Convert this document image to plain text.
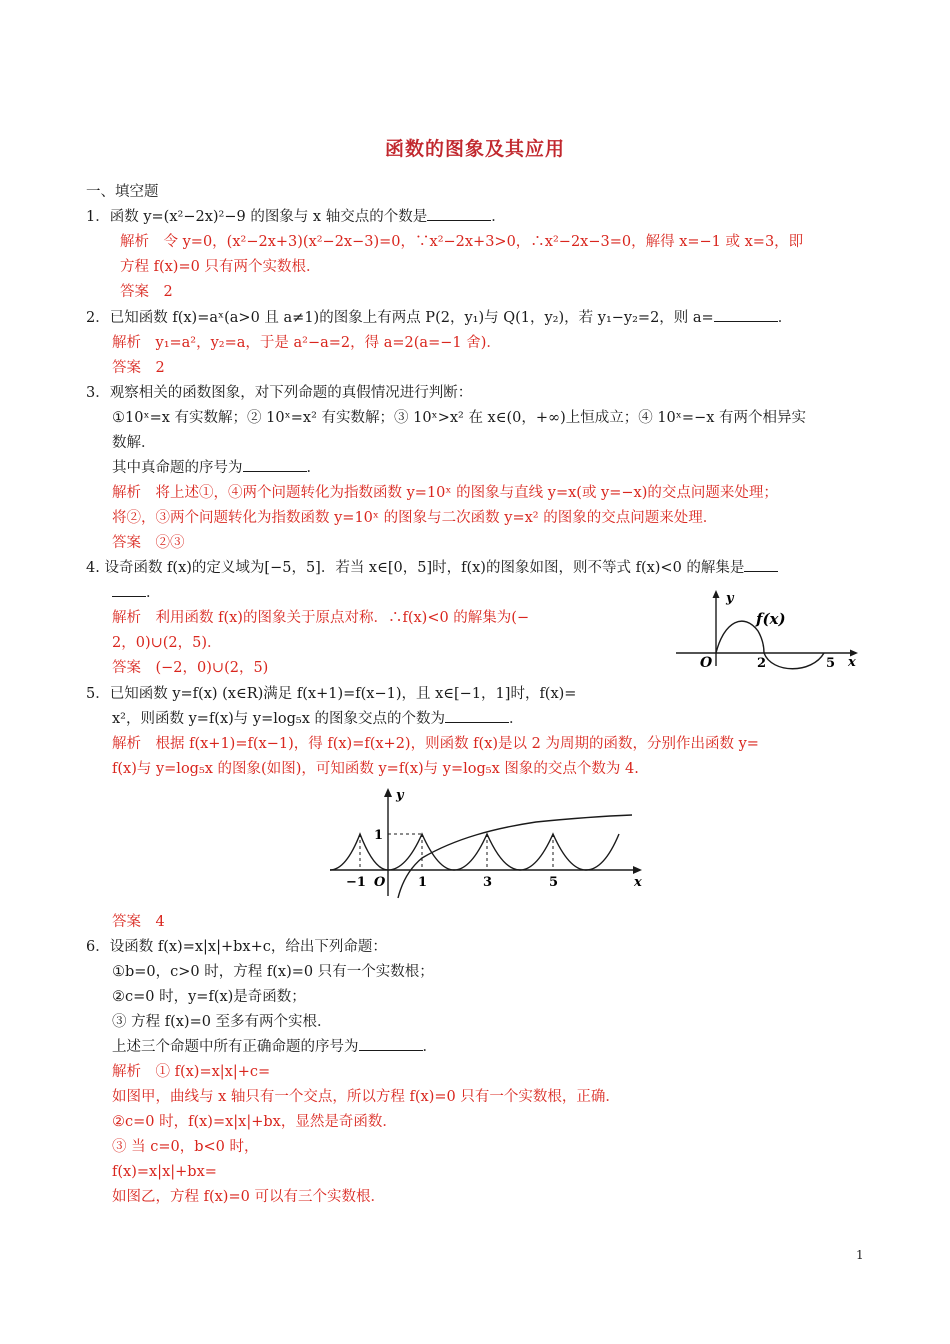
函数的图象及其应用
一、填空题
1．函数 y=(x²−2x)²−9 的图象与 x 轴交点的个数是	．
解析　令 y=0，(x²−2x+3)(x²−2x−3)=0，∵x²−2x+3>0，∴x²−2x−3=0，解得 x=−1 或 x=3，即
方程 f(x)=0 只有两个实数根．
答案　2
2．已知函数 f(x)=aˣ(a>0 且 a≠1)的图象上有两点 P(2，y₁)与 Q(1，y₂)，若 y₁−y₂=2，则 a=	．
解析　y₁=a²，y₂=a，于是 a²−a=2，得 a=2(a=−1 舍)．
答案　2
3．观察相关的函数图象，对下列命题的真假情况进行判断：
①10ˣ=x 有实数解；② 10ˣ=x² 有实数解；③ 10ˣ>x² 在 x∈(0，+∞)上恒成立；④ 10ˣ=−x 有两个相异实
数解．
其中真命题的序号为	．
解析　将上述①，④两个问题转化为指数函数 y=10ˣ 的图象与直线 y=x(或 y=−x)的交点问题来处理；
将②，③两个问题转化为指数函数 y=10ˣ 的图象与二次函数 y=x² 的图象的交点问题来处理．
答案　②③
4. 设奇函数 f(x)的定义域为[−5，5]．若当 x∈[0，5]时，f(x)的图象如图，则不等式 f(x)<0 的解集是
．
解析　利用函数 f(x)的图象关于原点对称．∴f(x)<0 的解集为(−
2，0)∪(2，5)．
答案　(−2，0)∪(2，5)
y
x
O
f(x)
2	5
5．已知函数 y=f(x) (x∈R)满足 f(x+1)=f(x−1)，且 x∈[−1，1]时，f(x)=
x²，则函数 y=f(x)与 y=log₅x 的图象交点的个数为	．
解析　根据 f(x+1)=f(x−1)，得 f(x)=f(x+2)，则函数 f(x)是以 2 为周期的函数，分别作出函数 y=
f(x)与 y=log₅x 的图象(如图)，可知函数 y=f(x)与 y=log₅x 图象的交点个数为 4.
y
x
1
−1 O	1	3	5
答案　4
6．设函数 f(x)=x|x|+bx+c，给出下列命题：
①b=0，c>0 时，方程 f(x)=0 只有一个实数根；
②c=0 时，y=f(x)是奇函数；
③ 方程 f(x)=0 至多有两个实根．
上述三个命题中所有正确命题的序号为	．
解析　① f(x)=x|x|+c=
如图甲，曲线与 x 轴只有一个交点，所以方程 f(x)=0 只有一个实数根，正确．
②c=0 时，f(x)=x|x|+bx，显然是奇函数．
③ 当 c=0，b<0 时，
f(x)=x|x|+bx=
如图乙，方程 f(x)=0 可以有三个实数根．
1
